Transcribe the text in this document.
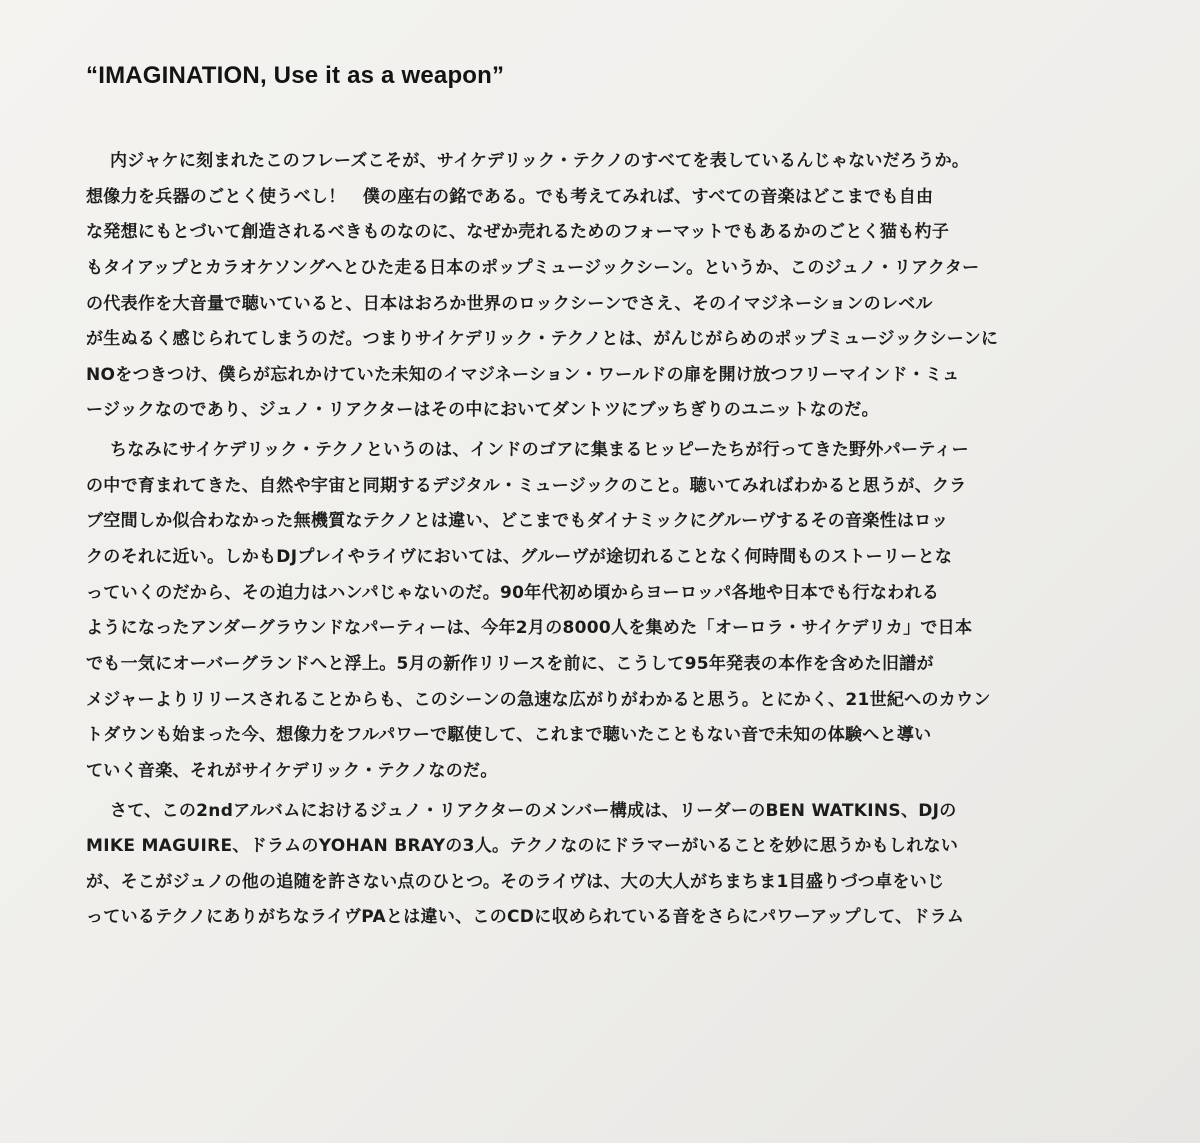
“IMAGINATION, Use it as a weapon”
内ジャケに刻まれたこのフレーズこそが、サイケデリック・テクノのすべてを表しているんじゃないだろうか。
想像力を兵器のごとく使うべし！　僕の座右の銘である。でも考えてみれば、すべての音楽はどこまでも自由
な発想にもとづいて創造されるべきものなのに、なぜか売れるためのフォーマットでもあるかのごとく猫も杓子
もタイアップとカラオケソングへとひた走る日本のポップミュージックシーン。というか、このジュノ・リアクター
の代表作を大音量で聴いていると、日本はおろか世界のロックシーンでさえ、そのイマジネーションのレベル
が生ぬるく感じられてしまうのだ。つまりサイケデリック・テクノとは、がんじがらめのポップミュージックシーンに
NOをつきつけ、僕らが忘れかけていた未知のイマジネーション・ワールドの扉を開け放つフリーマインド・ミュ
ージックなのであり、ジュノ・リアクターはその中においてダントツにブッちぎりのユニットなのだ。
ちなみにサイケデリック・テクノというのは、インドのゴアに集まるヒッピーたちが行ってきた野外パーティー
の中で育まれてきた、自然や宇宙と同期するデジタル・ミュージックのこと。聴いてみればわかると思うが、クラ
ブ空間しか似合わなかった無機質なテクノとは違い、どこまでもダイナミックにグルーヴするその音楽性はロッ
クのそれに近い。しかもDJプレイやライヴにおいては、グルーヴが途切れることなく何時間ものストーリーとな
っていくのだから、その迫力はハンパじゃないのだ。90年代初め頃からヨーロッパ各地や日本でも行なわれる
ようになったアンダーグラウンドなパーティーは、今年2月の8000人を集めた「オーロラ・サイケデリカ」で日本
でも一気にオーバーグランドへと浮上。5月の新作リリースを前に、こうして95年発表の本作を含めた旧譜が
メジャーよりリリースされることからも、このシーンの急速な広がりがわかると思う。とにかく、21世紀へのカウン
トダウンも始まった今、想像力をフルパワーで駆使して、これまで聴いたこともない音で未知の体験へと導い
ていく音楽、それがサイケデリック・テクノなのだ。
さて、この2ndアルバムにおけるジュノ・リアクターのメンバー構成は、リーダーのBEN WATKINS、DJの
MIKE MAGUIRE、ドラムのYOHAN BRAYの3人。テクノなのにドラマーがいることを妙に思うかもしれない
が、そこがジュノの他の追随を許さない点のひとつ。そのライヴは、大の大人がちまちま1目盛りづつ卓をいじ
っているテクノにありがちなライヴPAとは違い、このCDに収められている音をさらにパワーアップして、ドラム
